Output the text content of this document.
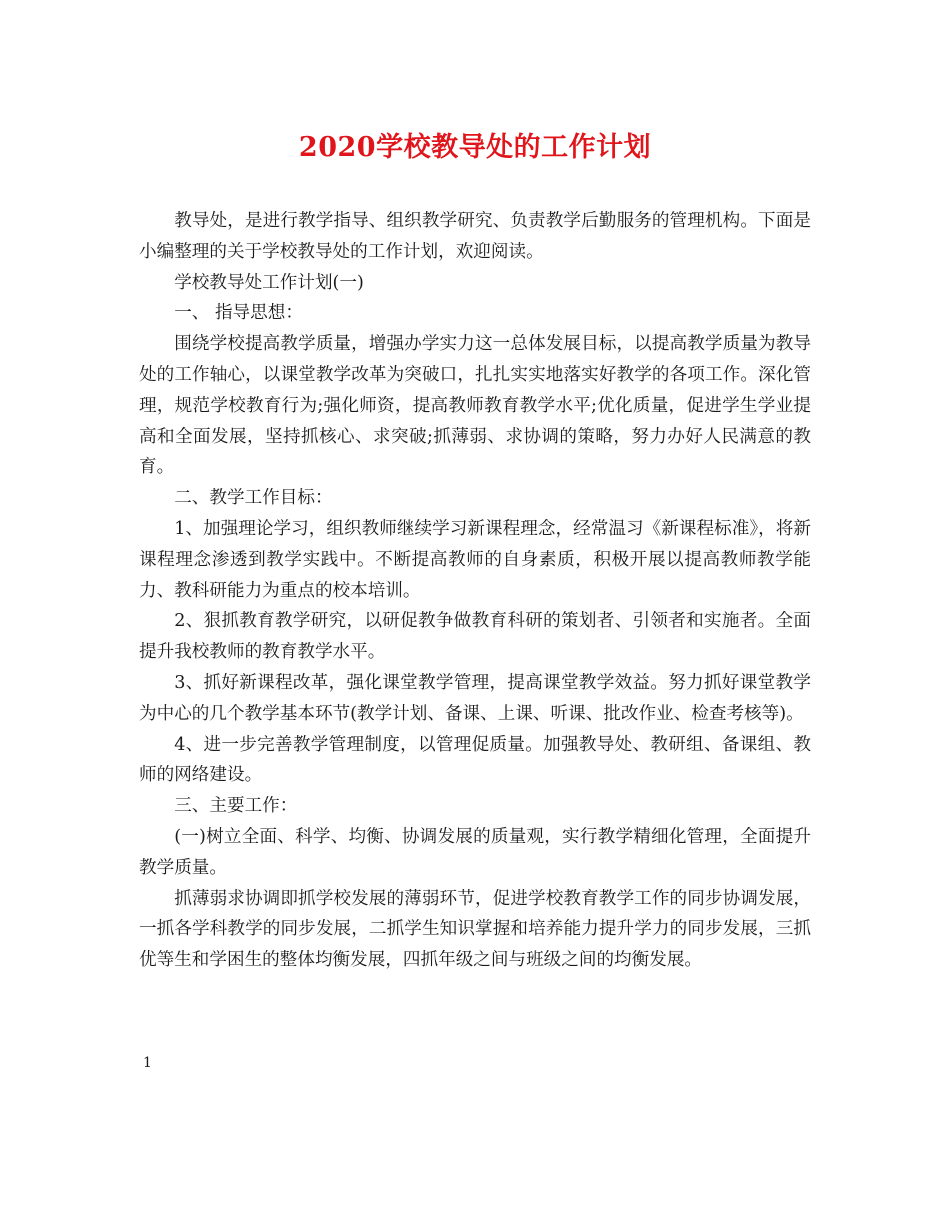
2020学校教导处的工作计划

教导处，是进行教学指导、组织教学研究、负责教学后勤服务的管理机构。下面是小编整理的关于学校教导处的工作计划，欢迎阅读。

学校教导处工作计划(一)

一、 指导思想：

围绕学校提高教学质量，增强办学实力这一总体发展目标，以提高教学质量为教导处的工作轴心，以课堂教学改革为突破口，扎扎实实地落实好教学的各项工作。深化管理，规范学校教育行为;强化师资，提高教师教育教学水平;优化质量，促进学生学业提高和全面发展，坚持抓核心、求突破;抓薄弱、求协调的策略，努力办好人民满意的教育。

二、教学工作目标：

1、加强理论学习，组织教师继续学习新课程理念，经常温习《新课程标准》，将新课程理念渗透到教学实践中。不断提高教师的自身素质，积极开展以提高教师教学能力、教科研能力为重点的校本培训。

2、狠抓教育教学研究，以研促教争做教育科研的策划者、引领者和实施者。全面提升我校教师的教育教学水平。

3、抓好新课程改革，强化课堂教学管理，提高课堂教学效益。努力抓好课堂教学为中心的几个教学基本环节(教学计划、备课、上课、听课、批改作业、检查考核等)。

4、进一步完善教学管理制度，以管理促质量。加强教导处、教研组、备课组、教师的网络建设。

三、主要工作：

(一)树立全面、科学、均衡、协调发展的质量观，实行教学精细化管理，全面提升教学质量。

抓薄弱求协调即抓学校发展的薄弱环节，促进学校教育教学工作的同步协调发展，一抓各学科教学的同步发展，二抓学生知识掌握和培养能力提升学力的同步发展，三抓优等生和学困生的整体均衡发展，四抓年级之间与班级之间的均衡发展。

1
